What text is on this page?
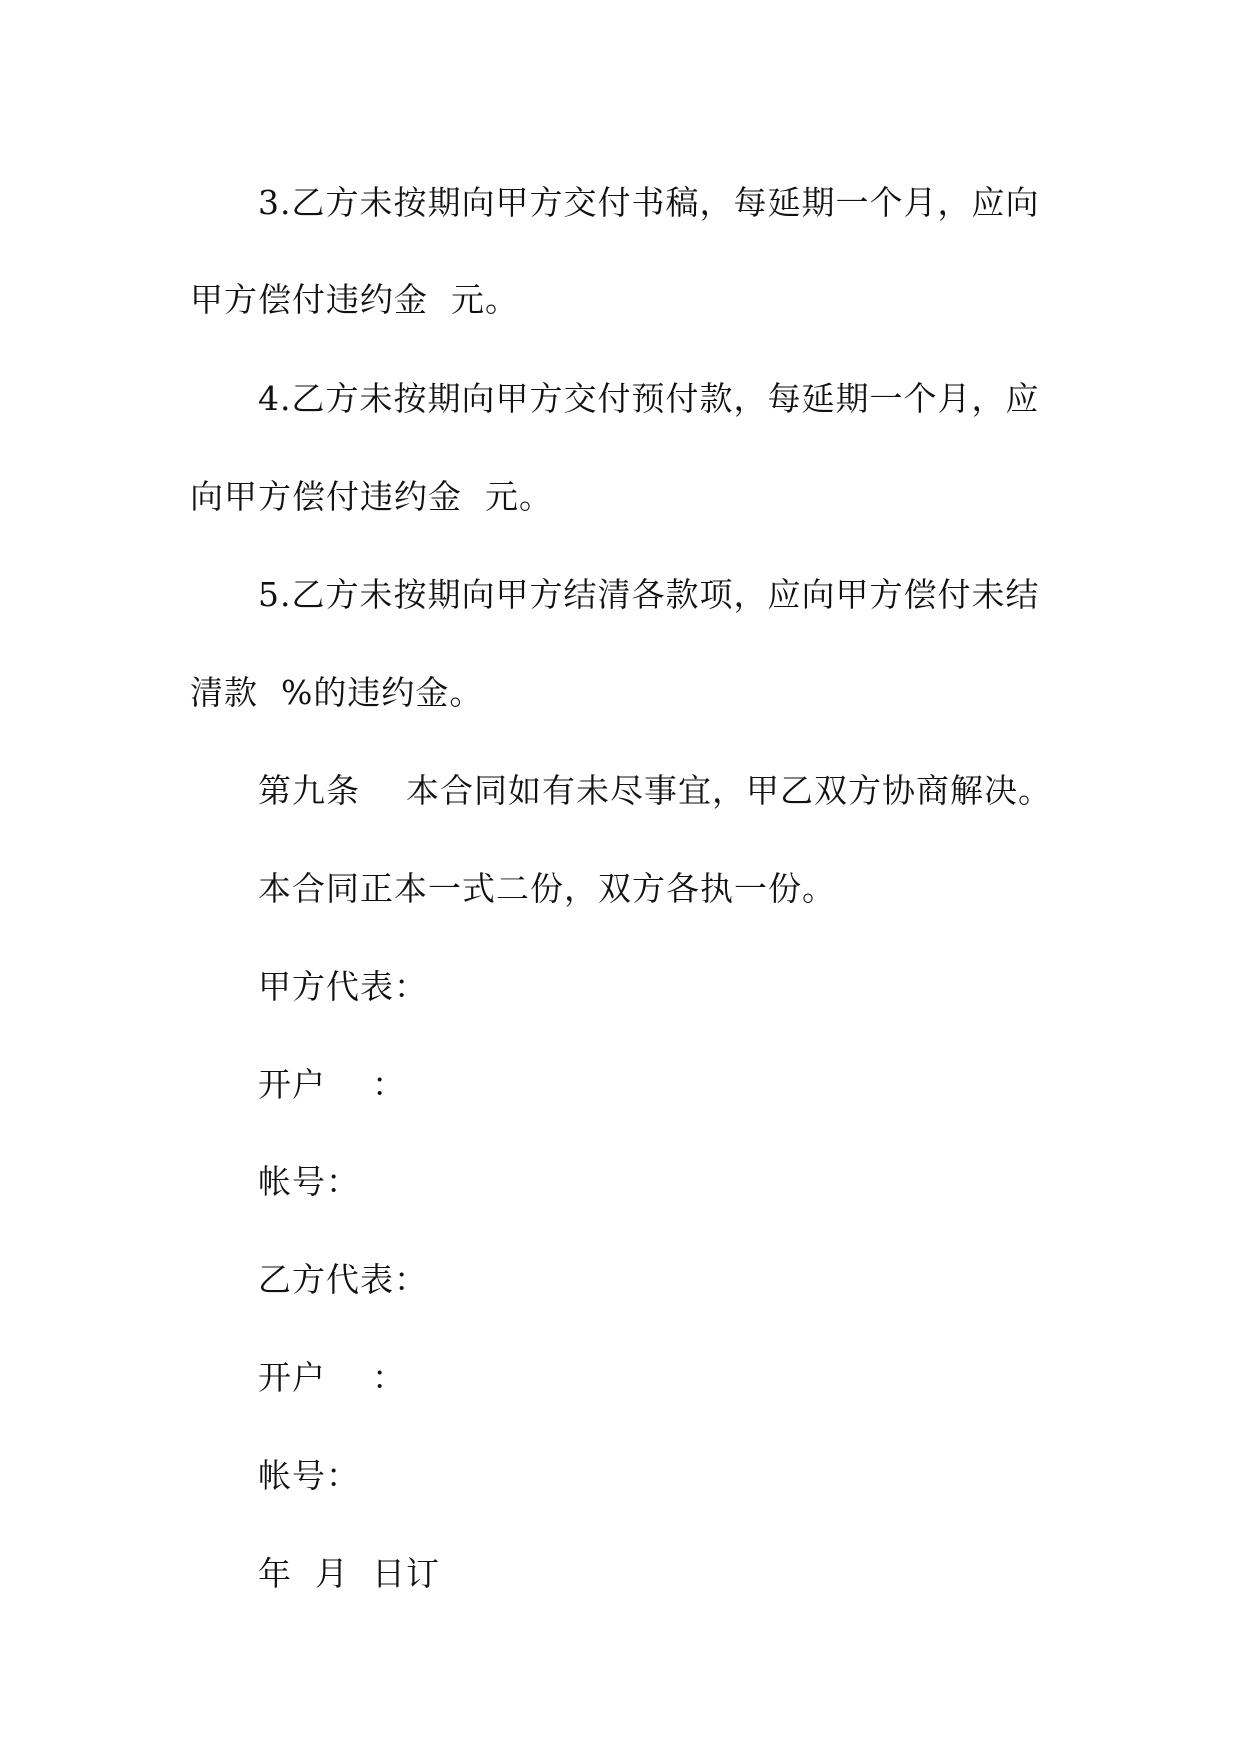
3.乙方未按期向甲方交付书稿，每延期一个月，应向
甲方偿付违约金  元。
4.乙方未按期向甲方交付预付款，每延期一个月，应
向甲方偿付违约金  元。
5.乙方未按期向甲方结清各款项，应向甲方偿付未结
清款  %的违约金。
第九条    本合同如有未尽事宜，甲乙双方协商解决。
本合同正本一式二份，双方各执一份。
甲方代表：
开户    ：
帐号：
乙方代表：
开户    ：
帐号：
年  月  日订
